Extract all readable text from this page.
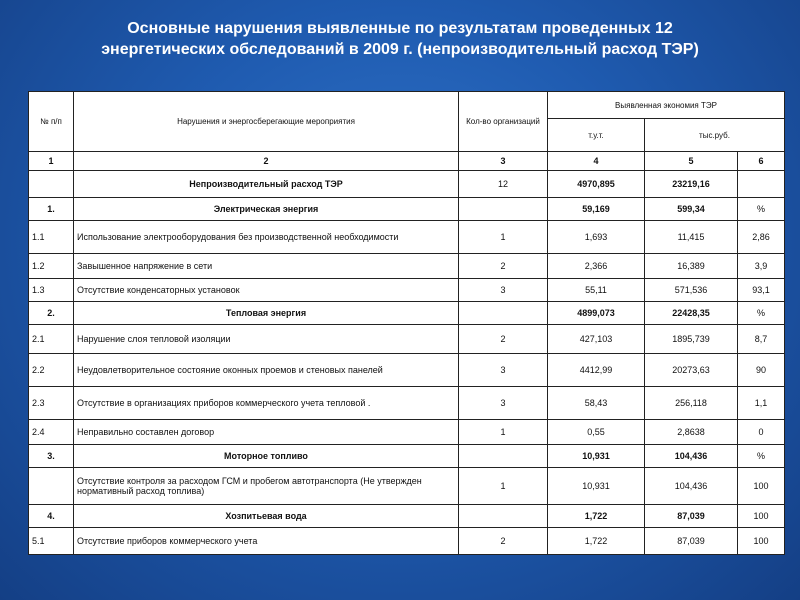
Основные нарушения выявленные по результатам проведенных 12
энергетических обследований в 2009 г. (непроизводительный расход ТЭР)
№ п/п	Нарушения и энергосберегающие мероприятия	Кол-во организаций	Выявленная экономия ТЭР		
			т.у.т.	тыс.руб.	
1	2	3	4	5	6
	Непроизводительный расход ТЭР	12	4970,895	23219,16	
1.	Электрическая энергия		59,169	599,34	%
1.1	Использование электрооборудования без производственной необходимости	1	1,693	11,415	2,86
1.2	Завышенное напряжение в сети	2	2,366	16,389	3,9
1.3	Отсутствие конденсаторных установок	3	55,11	571,536	93,1
2.	Тепловая энергия		4899,073	22428,35	%
2.1	Нарушение слоя тепловой изоляции	2	427,103	1895,739	8,7
2.2	Неудовлетворительное состояние оконных проемов и стеновых панелей	3	4412,99	20273,63	90
2.3	Отсутствие в организациях приборов коммерческого учета тепловой .	3	58,43	256,118	1,1
2.4	Неправильно составлен договор	1	0,55	2,8638	0
3.	Моторное топливо		10,931	104,436	%
	Отсутствие контроля за расходом ГСМ и пробегом автотранспорта (Не утвержден нормативный расход топлива)	1	10,931	104,436	100
4.	Хозпитьевая вода		1,722	87,039	100
5.1	Отсутствие приборов коммерческого учета	2	1,722	87,039	100
